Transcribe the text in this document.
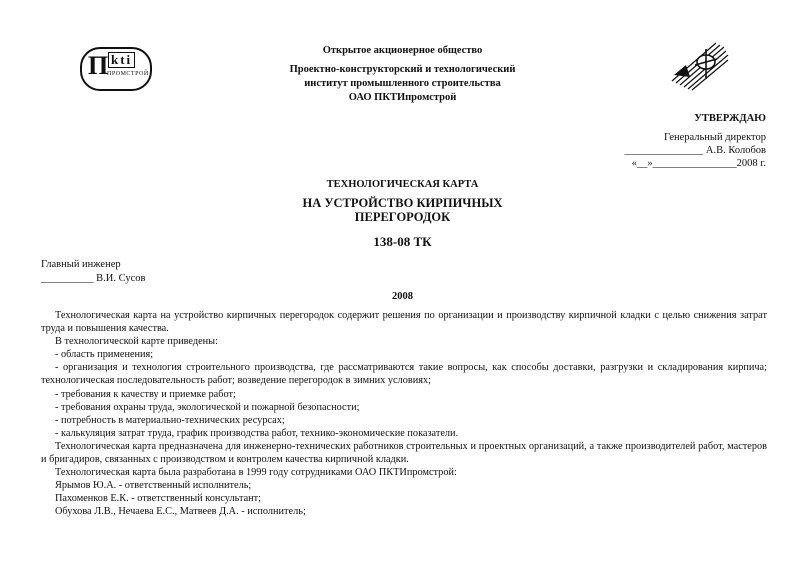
П kti
ПРОМСТРОЙ
Открытое акционерное общество
Проектно-конструкторский и технологический
институт промышленного строительства
ОАО ПКТИпромстрой
УТВЕРЖДАЮ
Генеральный директор
_______________ А.В. Колобов
«__»________________2008 г.
ТЕХНОЛОГИЧЕСКАЯ КАРТА
НА УСТРОЙСТВО КИРПИЧНЫХ
ПЕРЕГОРОДОК
138-08 ТК
Главный инженер
__________ В.И. Сусов
2008

Технологическая карта на устройство кирпичных перегородок содержит решения по организации и производству кирпичной кладки с целью снижения затрат труда и повышения качества.

В технологической карте приведены:

- область применения;

- организация и технология строительного производства, где рассматриваются такие вопросы, как способы доставки, разгрузки и складирования кирпича; технологическая последовательность работ; возведение перегородок в зимних условиях;

- требования к качеству и приемке работ;

- требования охраны труда, экологической и пожарной безопасности;

- потребность в материально-технических ресурсах;

- калькуляция затрат труда, график производства работ, технико-экономические показатели.

Технологическая карта предназначена для инженерно-технических работников строительных и проектных организаций, а также производителей работ, мастеров и бригадиров, связанных с производством и контролем качества кирпичной кладки.

Технологическая карта была разработана в 1999 году сотрудниками ОАО ПКТИпромстрой:

Ярымов Ю.А. - ответственный исполнитель;

Пахоменков Е.К. - ответственный консультант;

Обухова Л.В., Нечаева Е.С., Матвеев Д.А. - исполнитель;
